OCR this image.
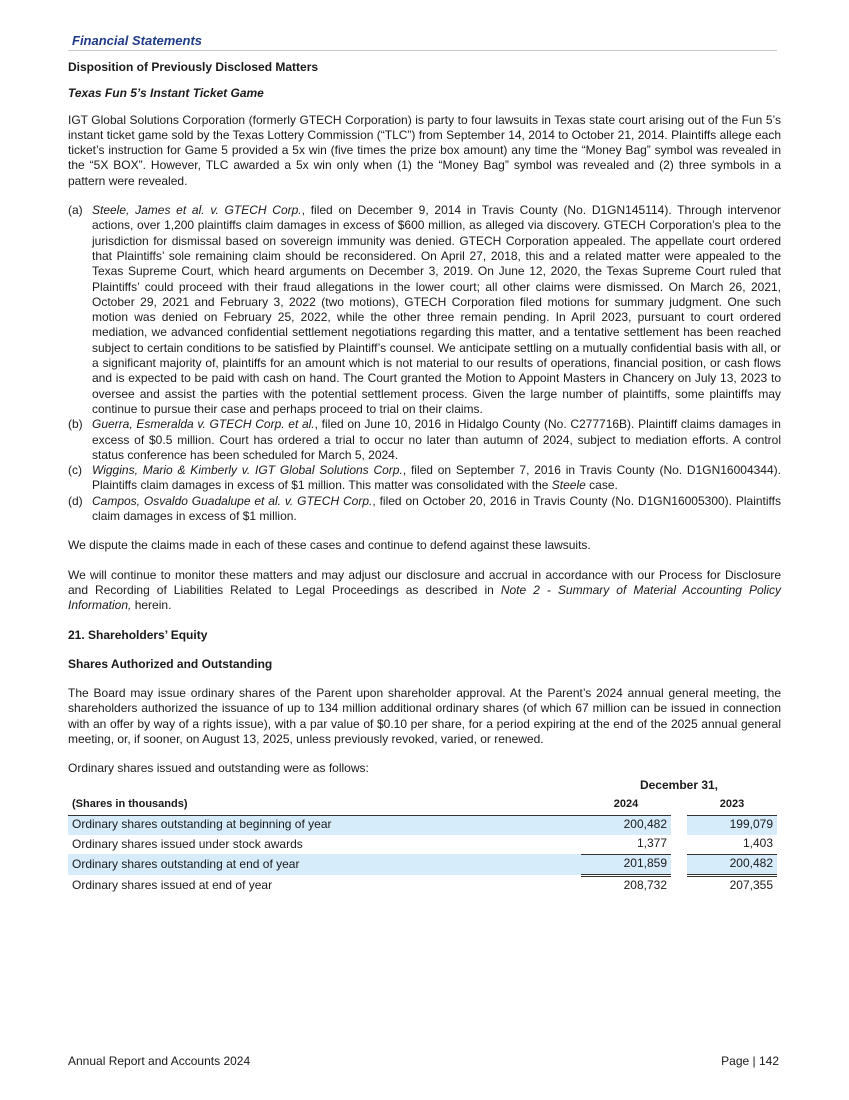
Financial Statements
Disposition of Previously Disclosed Matters

Texas Fun 5’s Instant Ticket Game

IGT Global Solutions Corporation (formerly GTECH Corporation) is party to four lawsuits in Texas state court arising out of the Fun 5’s instant ticket game sold by the Texas Lottery Commission (“TLC”) from September 14, 2014 to October 21, 2014. Plaintiffs allege each ticket’s instruction for Game 5 provided a 5x win (five times the prize box amount) any time the “Money Bag” symbol was revealed in the “5X BOX”. However, TLC awarded a 5x win only when (1) the “Money Bag” symbol was revealed and (2) three symbols in a pattern were revealed.

(a) Steele, James et al. v. GTECH Corp., filed on December 9, 2014 in Travis County (No. D1GN145114). Through intervenor actions, over 1,200 plaintiffs claim damages in excess of $600 million, as alleged via discovery. GTECH Corporation’s plea to the jurisdiction for dismissal based on sovereign immunity was denied. GTECH Corporation appealed. The appellate court ordered that Plaintiffs’ sole remaining claim should be reconsidered. On April 27, 2018, this and a related matter were appealed to the Texas Supreme Court, which heard arguments on December 3, 2019. On June 12, 2020, the Texas Supreme Court ruled that Plaintiffs’ could proceed with their fraud allegations in the lower court; all other claims were dismissed. On March 26, 2021, October 29, 2021 and February 3, 2022 (two motions), GTECH Corporation filed motions for summary judgment. One such motion was denied on February 25, 2022, while the other three remain pending. In April 2023, pursuant to court ordered mediation, we advanced confidential settlement negotiations regarding this matter, and a tentative settlement has been reached subject to certain conditions to be satisfied by Plaintiff’s counsel. We anticipate settling on a mutually confidential basis with all, or a significant majority of, plaintiffs for an amount which is not material to our results of operations, financial position, or cash flows and is expected to be paid with cash on hand. The Court granted the Motion to Appoint Masters in Chancery on July 13, 2023 to oversee and assist the parties with the potential settlement process. Given the large number of plaintiffs, some plaintiffs may continue to pursue their case and perhaps proceed to trial on their claims.
(b) Guerra, Esmeralda v. GTECH Corp. et al., filed on June 10, 2016 in Hidalgo County (No. C277716B). Plaintiff claims damages in excess of $0.5 million. Court has ordered a trial to occur no later than autumn of 2024, subject to mediation efforts. A control status conference has been scheduled for March 5, 2024.
(c) Wiggins, Mario & Kimberly v. IGT Global Solutions Corp., filed on September 7, 2016 in Travis County (No. D1GN16004344). Plaintiffs claim damages in excess of $1 million. This matter was consolidated with the Steele case.
(d) Campos, Osvaldo Guadalupe et al. v. GTECH Corp., filed on October 20, 2016 in Travis County (No. D1GN16005300). Plaintiffs claim damages in excess of $1 million.

We dispute the claims made in each of these cases and continue to defend against these lawsuits.

We will continue to monitor these matters and may adjust our disclosure and accrual in accordance with our Process for Disclosure and Recording of Liabilities Related to Legal Proceedings as described in Note 2 - Summary of Material Accounting Policy Information, herein.

21. Shareholders’ Equity
Shares Authorized and Outstanding

The Board may issue ordinary shares of the Parent upon shareholder approval. At the Parent’s 2024 annual general meeting, the shareholders authorized the issuance of up to 134 million additional ordinary shares (of which 67 million can be issued in connection with an offer by way of a rights issue), with a par value of $0.10 per share, for a period expiring at the end of the 2025 annual general meeting, or, if sooner, on August 13, 2025, unless previously revoked, varied, or renewed.

Ordinary shares issued and outstanding were as follows:

	December 31,		
(Shares in thousands)	2024		2023
Ordinary shares outstanding at beginning of year	200,482		199,079
Ordinary shares issued under stock awards	1,377		1,403
Ordinary shares outstanding at end of year	201,859		200,482
Ordinary shares issued at end of year	208,732		207,355
Annual Report and Accounts 2024	Page | 142
